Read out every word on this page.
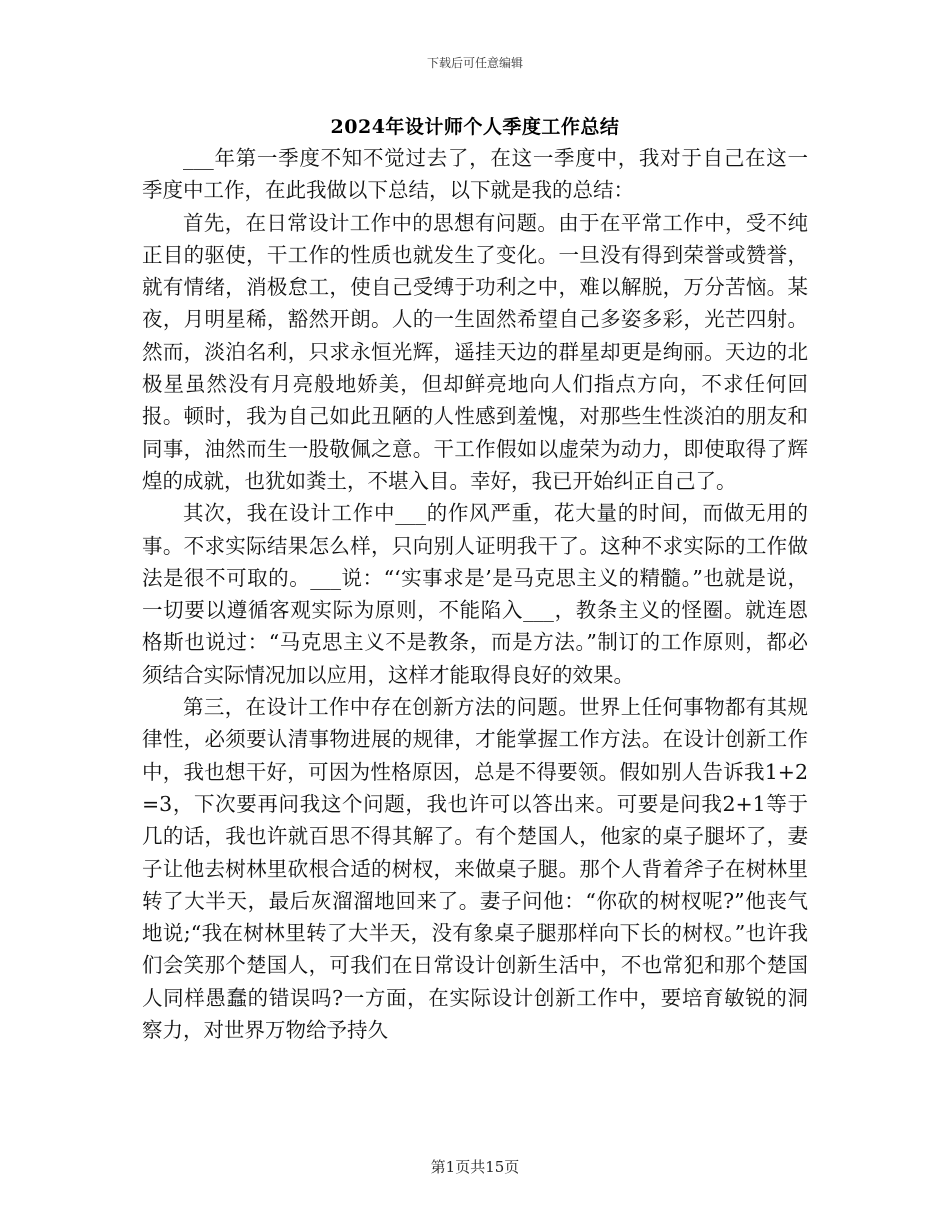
下载后可任意编辑
2024年设计师个人季度工作总结

___年第一季度不知不觉过去了，在这一季度中，我对于自己在这一季度中工作，在此我做以下总结，以下就是我的总结：

首先，在日常设计工作中的思想有问题。由于在平常工作中，受不纯正目的驱使，干工作的性质也就发生了变化。一旦没有得到荣誉或赞誉，就有情绪，消极怠工，使自己受缚于功利之中，难以解脱，万分苦恼。某夜，月明星稀，豁然开朗。人的一生固然希望自己多姿多彩，光芒四射。然而，淡泊名利，只求永恒光辉，遥挂天边的群星却更是绚丽。天边的北极星虽然没有月亮般地娇美，但却鲜亮地向人们指点方向，不求任何回报。顿时，我为自己如此丑陋的人性感到羞愧，对那些生性淡泊的朋友和同事，油然而生一股敬佩之意。干工作假如以虚荣为动力，即使取得了辉煌的成就，也犹如粪土，不堪入目。幸好，我已开始纠正自己了。

其次，我在设计工作中___的作风严重，花大量的时间，而做无用的事。不求实际结果怎么样，只向别人证明我干了。这种不求实际的工作做法是很不可取的。___说：“‘实事求是’是马克思主义的精髓。”也就是说，一切要以遵循客观实际为原则，不能陷入___，教条主义的怪圈。就连恩格斯也说过：“马克思主义不是教条，而是方法。”制订的工作原则，都必须结合实际情况加以应用，这样才能取得良好的效果。

第三，在设计工作中存在创新方法的问题。世界上任何事物都有其规律性，必须要认清事物进展的规律，才能掌握工作方法。在设计创新工作中，我也想干好，可因为性格原因，总是不得要领。假如别人告诉我1+2=3，下次要再问我这个问题，我也许可以答出来。可要是问我2+1等于几的话，我也许就百思不得其解了。有个楚国人，他家的桌子腿坏了，妻子让他去树林里砍根合适的树杈，来做桌子腿。那个人背着斧子在树林里转了大半天，最后灰溜溜地回来了。妻子问他：“你砍的树杈呢?”他丧气地说;“我在树林里转了大半天，没有象桌子腿那样向下长的树杈。”也许我们会笑那个楚国人，可我们在日常设计创新生活中，不也常犯和那个楚国人同样愚蠢的错误吗?一方面，在实际设计创新工作中，要培育敏锐的洞察力，对世界万物给予持久

第1页共15页
